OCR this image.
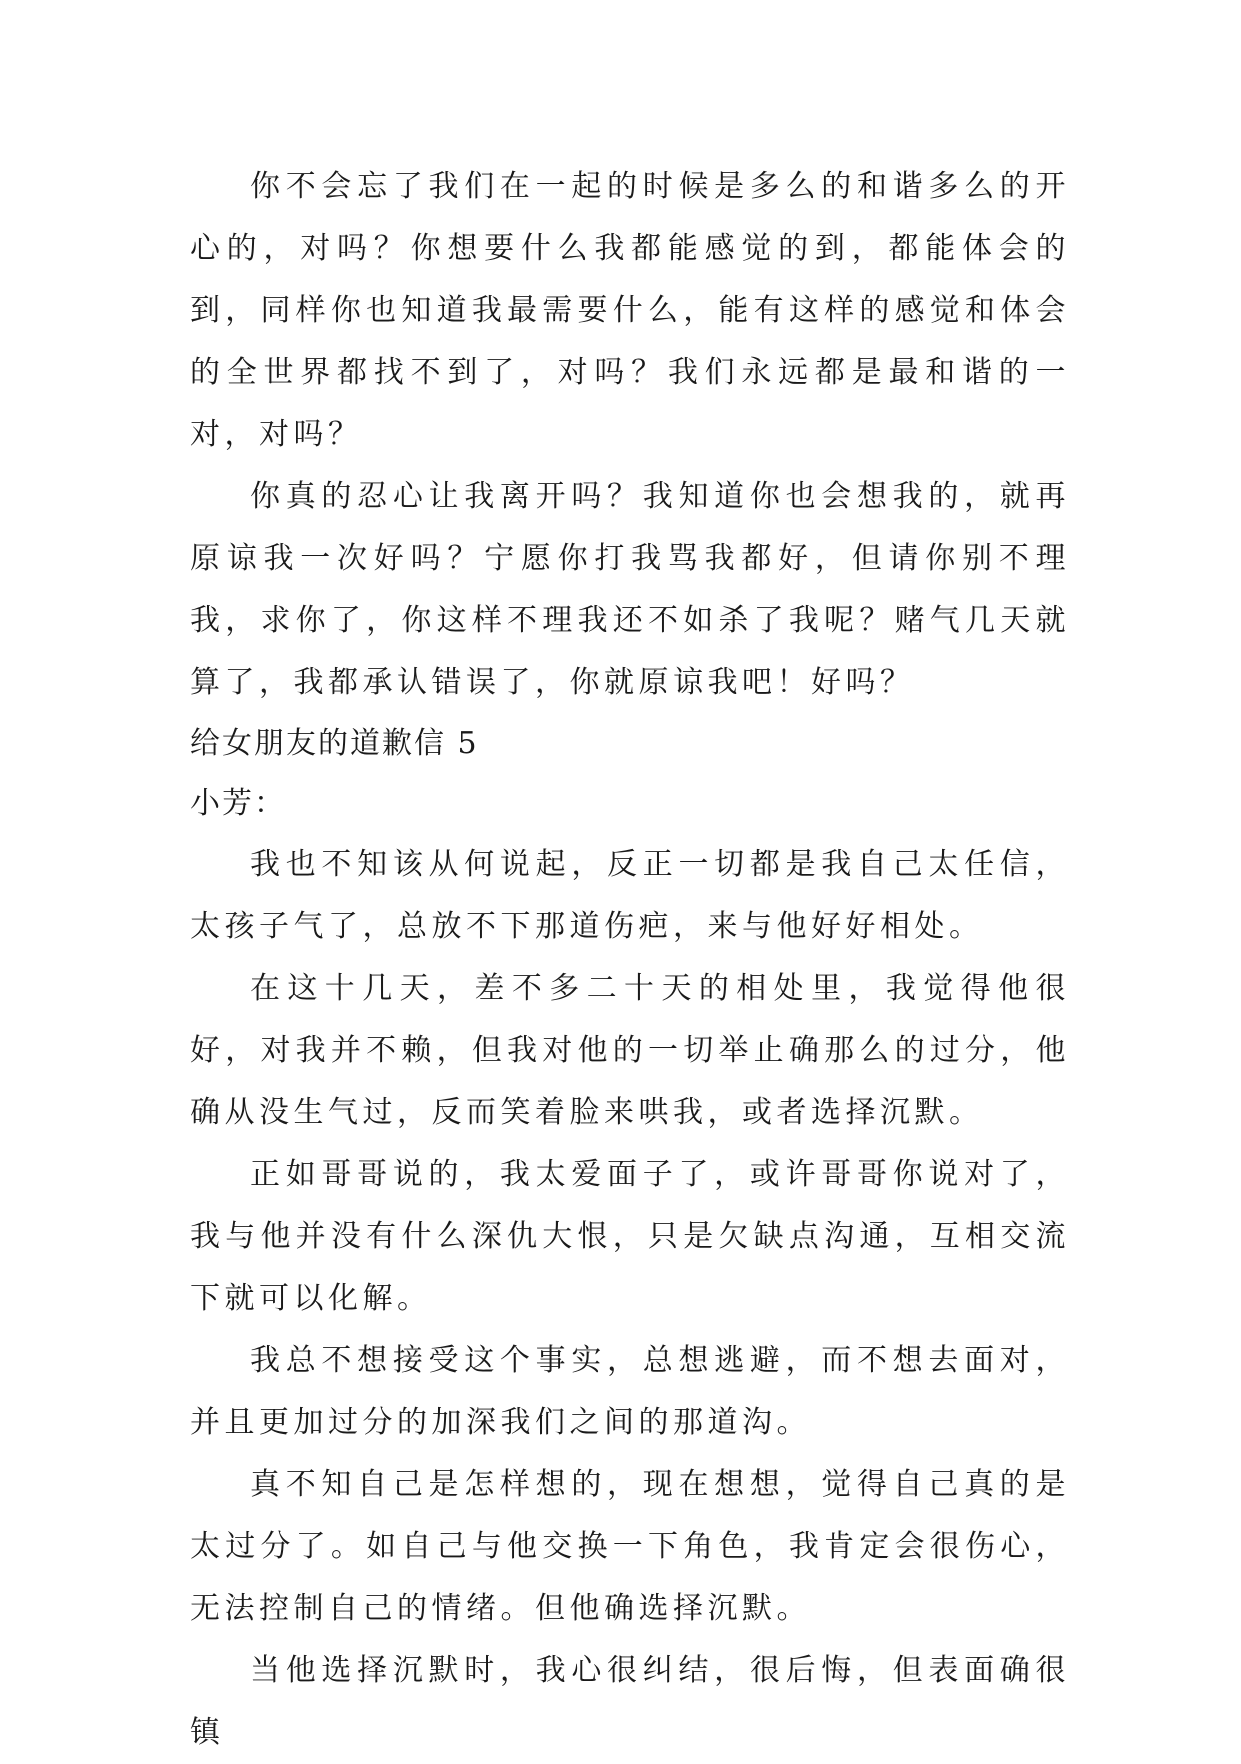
你不会忘了我们在一起的时候是多么的和谐多么的开心的，对吗？你想要什么我都能感觉的到，都能体会的到，同样你也知道我最需要什么，能有这样的感觉和体会的全世界都找不到了，对吗？我们永远都是最和谐的一对，对吗？

你真的忍心让我离开吗？我知道你也会想我的，就再原谅我一次好吗？宁愿你打我骂我都好，但请你别不理我，求你了，你这样不理我还不如杀了我呢？赌气几天就算了，我都承认错误了，你就原谅我吧！好吗？

给女朋友的道歉信 5

小芳：

我也不知该从何说起，反正一切都是我自己太任信，太孩子气了，总放不下那道伤疤，来与他好好相处。

在这十几天，差不多二十天的相处里，我觉得他很好，对我并不赖，但我对他的一切举止确那么的过分，他确从没生气过，反而笑着脸来哄我，或者选择沉默。

正如哥哥说的，我太爱面子了，或许哥哥你说对了，我与他并没有什么深仇大恨，只是欠缺点沟通，互相交流下就可以化解。

我总不想接受这个事实，总想逃避，而不想去面对，并且更加过分的加深我们之间的那道沟。

真不知自己是怎样想的，现在想想，觉得自己真的是太过分了。如自己与他交换一下角色，我肯定会很伤心，无法控制自己的情绪。但他确选择沉默。

当他选择沉默时，我心很纠结，很后悔，但表面确很镇
